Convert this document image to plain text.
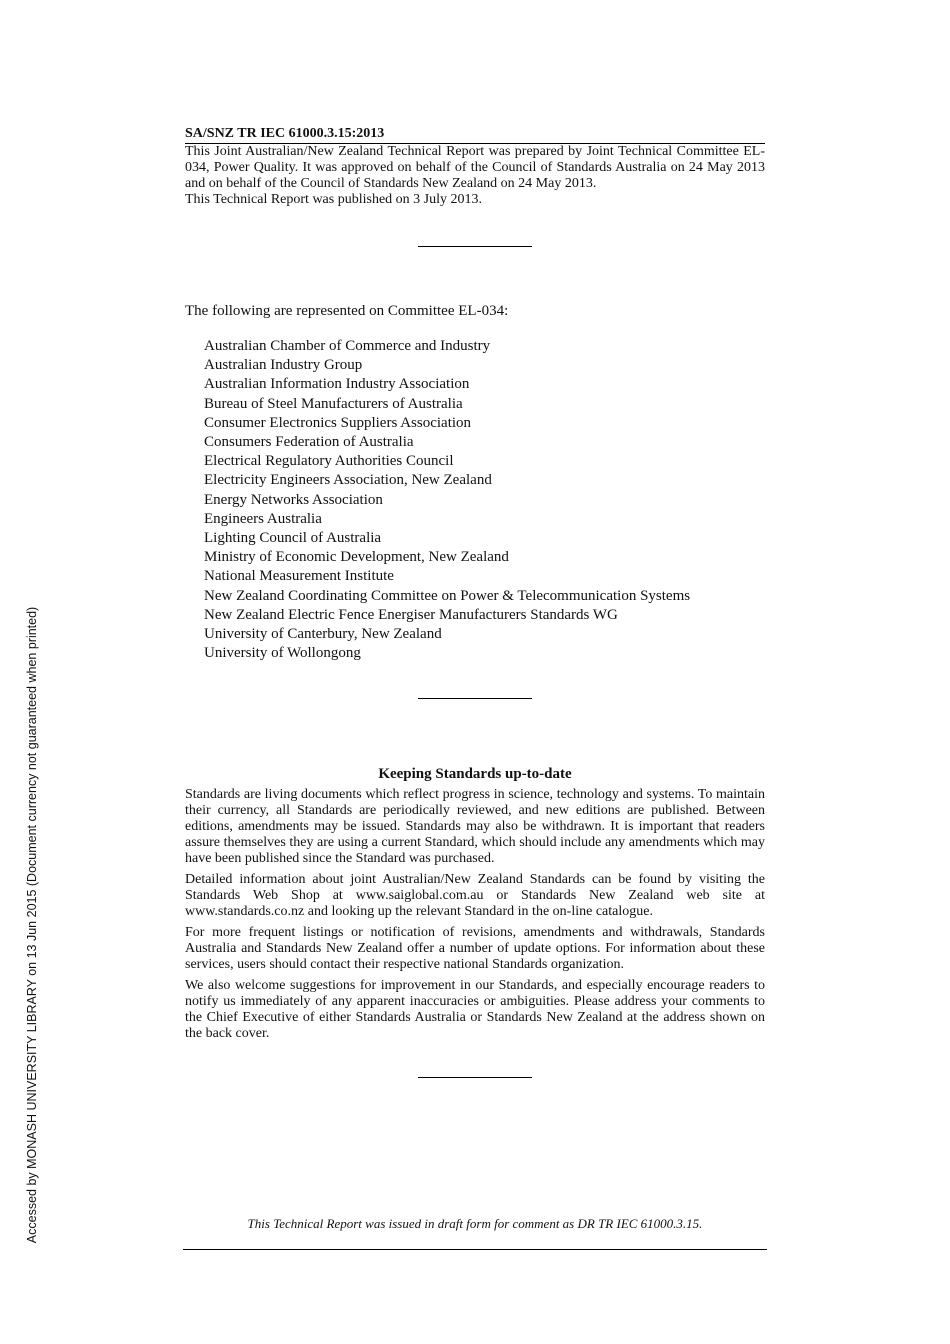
Accessed by MONASH UNIVERSITY LIBRARY on 13 Jun 2015 (Document currency not guaranteed when printed)
SA/SNZ TR IEC 61000.3.15:2013

This Joint Australian/New Zealand Technical Report was prepared by Joint Technical Committee EL-034, Power Quality. It was approved on behalf of the Council of Standards Australia on 24 May 2013 and on behalf of the Council of Standards New Zealand on 24 May 2013.

This Technical Report was published on 3 July 2013.

The following are represented on Committee EL-034:

Australian Chamber of Commerce and Industry
Australian Industry Group
Australian Information Industry Association
Bureau of Steel Manufacturers of Australia
Consumer Electronics Suppliers Association
Consumers Federation of Australia
Electrical Regulatory Authorities Council
Electricity Engineers Association, New Zealand
Energy Networks Association
Engineers Australia
Lighting Council of Australia
Ministry of Economic Development, New Zealand
National Measurement Institute
New Zealand Coordinating Committee on Power & Telecommunication Systems
New Zealand Electric Fence Energiser Manufacturers Standards WG
University of Canterbury, New Zealand
University of Wollongong
Keeping Standards up-to-date

Standards are living documents which reflect progress in science, technology and systems. To maintain their currency, all Standards are periodically reviewed, and new editions are published. Between editions, amendments may be issued. Standards may also be withdrawn. It is important that readers assure themselves they are using a current Standard, which should include any amendments which may have been published since the Standard was purchased.

Detailed information about joint Australian/New Zealand Standards can be found by visiting the Standards Web Shop at www.saiglobal.com.au or Standards New Zealand web site at www.standards.co.nz and looking up the relevant Standard in the on-line catalogue.

For more frequent listings or notification of revisions, amendments and withdrawals, Standards Australia and Standards New Zealand offer a number of update options. For information about these services, users should contact their respective national Standards organization.

We also welcome suggestions for improvement in our Standards, and especially encourage readers to notify us immediately of any apparent inaccuracies or ambiguities. Please address your comments to the Chief Executive of either Standards Australia or Standards New Zealand at the address shown on the back cover.

This Technical Report was issued in draft form for comment as DR TR IEC 61000.3.15.
